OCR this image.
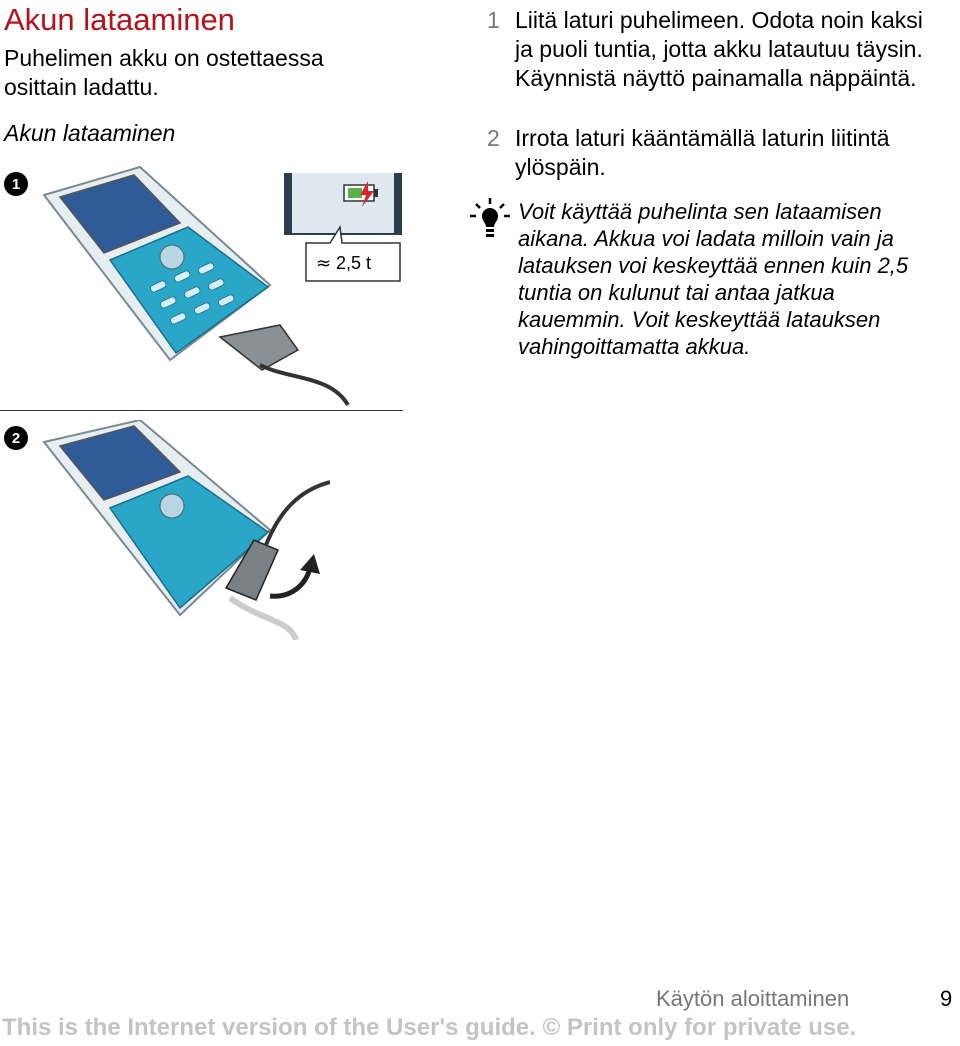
Akun lataaminen
Puhelimen akku on ostettaessa osittain ladattu.
Akun lataaminen
1
2
≈ 2,5 t
1 Liitä laturi puhelimeen. Odota noin kaksi ja puoli tuntia, jotta akku latautuu täysin. Käynnistä näyttö painamalla näppäintä.
2 Irrota laturi kääntämällä laturin liitintä ylöspäin.
Voit käyttää puhelinta sen lataamisen aikana. Akkua voi ladata milloin vain ja latauksen voi keskeyttää ennen kuin 2,5 tuntia on kulunut tai antaa jatkua kauemmin. Voit keskeyttää latauksen vahingoittamatta akkua.
Käytön aloittaminen	9
This is the Internet version of the User's guide. © Print only for private use.
